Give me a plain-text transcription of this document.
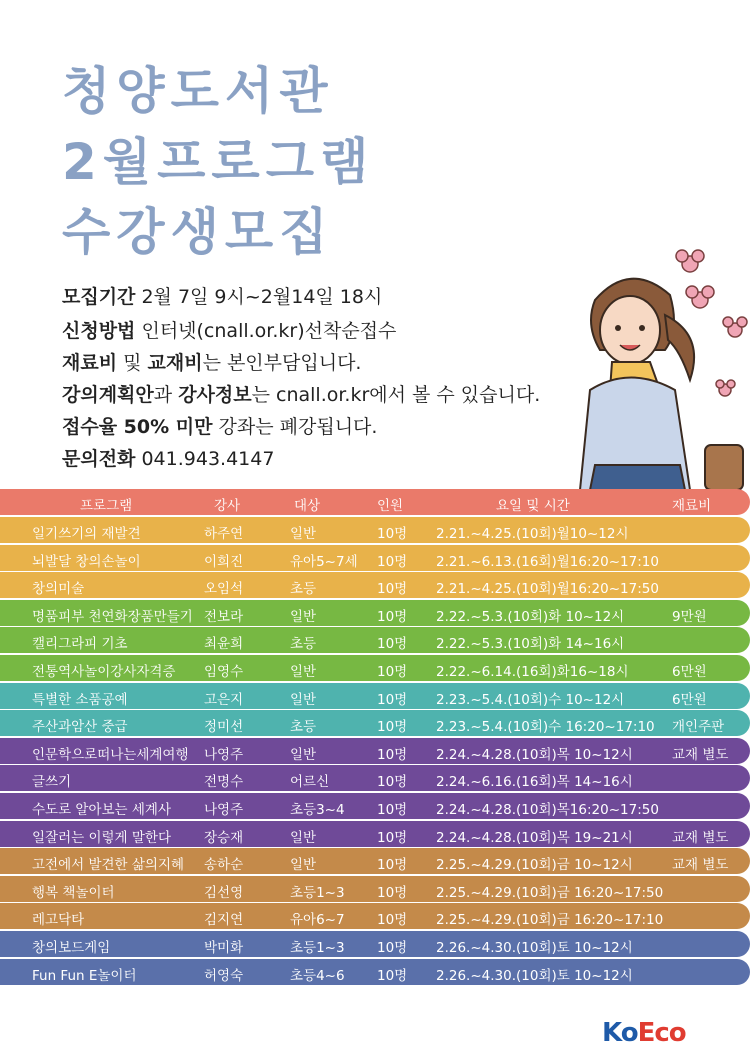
청양도서관
2월프로그램
수강생모집
모집기간 2월 7일 9시~2월14일 18시
신청방법 인터넷(cnall.or.kr)선착순접수
재료비 및 교재비는 본인부담입니다.
강의계획안과 강사정보는 cnall.or.kr에서 볼 수 있습니다.
접수율 50% 미만 강좌는 폐강됩니다.
문의전화 041.943.4147
프로그램	강사	대상	인원	요일 및 시간	재료비
일기쓰기의 재발견	하주연	일반	10명 2.21.~4.25.(10회)월10~12시
뇌발달 창의손놀이	이희진	유아5~7세 10명 2.21.~6.13.(16회)월16:20~17:10
창의미술	오임석	초등	10명 2.21.~4.25.(10회)월16:20~17:50
명품피부 천연화장품만들기 전보라	일반	10명 2.22.~5.3.(10회)화 10~12시	9만원
캘리그라피 기초	최윤희	초등	10명 2.22.~5.3.(10회)화 14~16시
전통역사놀이강사자격증 임영수	일반	10명 2.22.~6.14.(16회)화16~18시	6만원
특별한 소품공예	고은지	일반	10명 2.23.~5.4.(10회)수 10~12시	6만원
주산과암산 중급	정미선	초등	10명 2.23.~5.4.(10회)수 16:20~17:10 개인주판
인문학으로떠나는세계여행 나영주	일반	10명 2.24.~4.28.(10회)목 10~12시	교재 별도
글쓰기	전명수	어르신	10명 2.24.~6.16.(16회)목 14~16시
수도로 알아보는 세계사 나영주	초등3~4 10명 2.24.~4.28.(10회)목16:20~17:50
일잘러는 이렇게 말한다 장승재	일반	10명 2.24.~4.28.(10회)목 19~21시	교재 별도
고전에서 발견한 삶의지혜 송하순	일반	10명 2.25.~4.29.(10회)금 10~12시	교재 별도
행복 책놀이터	김선영	초등1~3 10명 2.25.~4.29.(10회)금 16:20~17:50
레고닥타	김지연	유아6~7 10명 2.25.~4.29.(10회)금 16:20~17:10
창의보드게임	박미화	초등1~3 10명 2.26.~4.30.(10회)토 10~12시
Fun Fun E놀이터	허영숙	초등4~6 10명 2.26.~4.30.(10회)토 10~12시
KoEco
